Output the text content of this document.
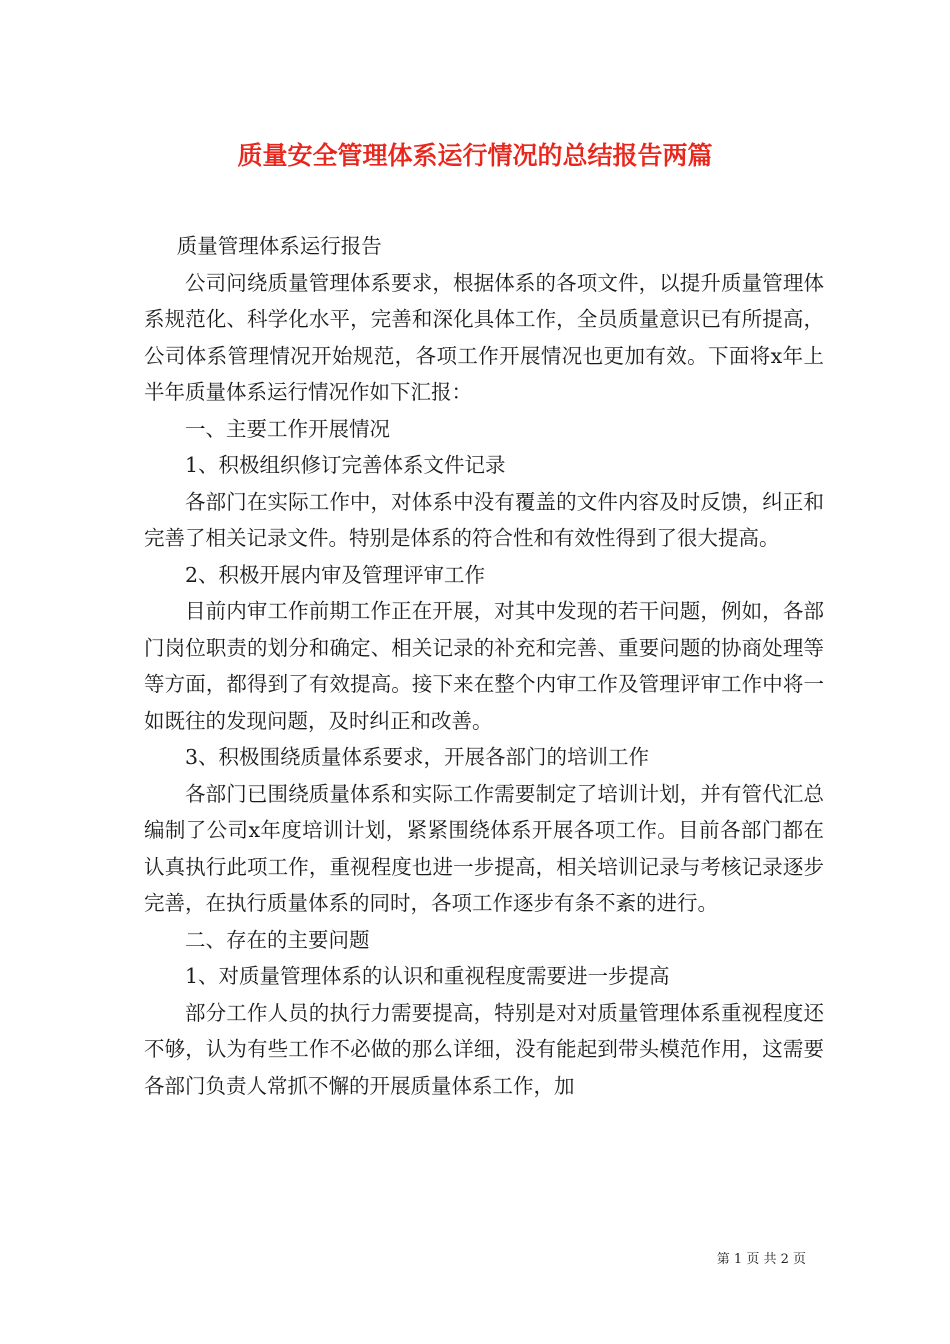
质量安全管理体系运行情况的总结报告两篇

质量管理体系运行报告

公司问绕质量管理体系要求，根据体系的各项文件，以提升质量管理体系规范化、科学化水平，完善和深化具体工作，全员质量意识已有所提高，公司体系管理情况开始规范，各项工作开展情况也更加有效。下面将x年上半年质量体系运行情况作如下汇报：

一、主要工作开展情况

1、积极组织修订完善体系文件记录

各部门在实际工作中，对体系中没有覆盖的文件内容及时反馈，纠正和完善了相关记录文件。特别是体系的符合性和有效性得到了很大提高。

2、积极开展内审及管理评审工作

目前内审工作前期工作正在开展，对其中发现的若干问题，例如，各部门岗位职责的划分和确定、相关记录的补充和完善、重要问题的协商处理等等方面，都得到了有效提高。接下来在整个内审工作及管理评审工作中将一如既往的发现问题，及时纠正和改善。

3、积极围绕质量体系要求，开展各部门的培训工作

各部门已围绕质量体系和实际工作需要制定了培训计划，并有管代汇总编制了公司x年度培训计划，紧紧围绕体系开展各项工作。目前各部门都在认真执行此项工作，重视程度也进一步提高，相关培训记录与考核记录逐步完善，在执行质量体系的同时，各项工作逐步有条不紊的进行。

二、存在的主要问题

1、对质量管理体系的认识和重视程度需要进一步提高

部分工作人员的执行力需要提高，特别是对对质量管理体系重视程度还不够，认为有些工作不必做的那么详细，没有能起到带头模范作用，这需要各部门负责人常抓不懈的开展质量体系工作，加

第 1 页 共 2 页
